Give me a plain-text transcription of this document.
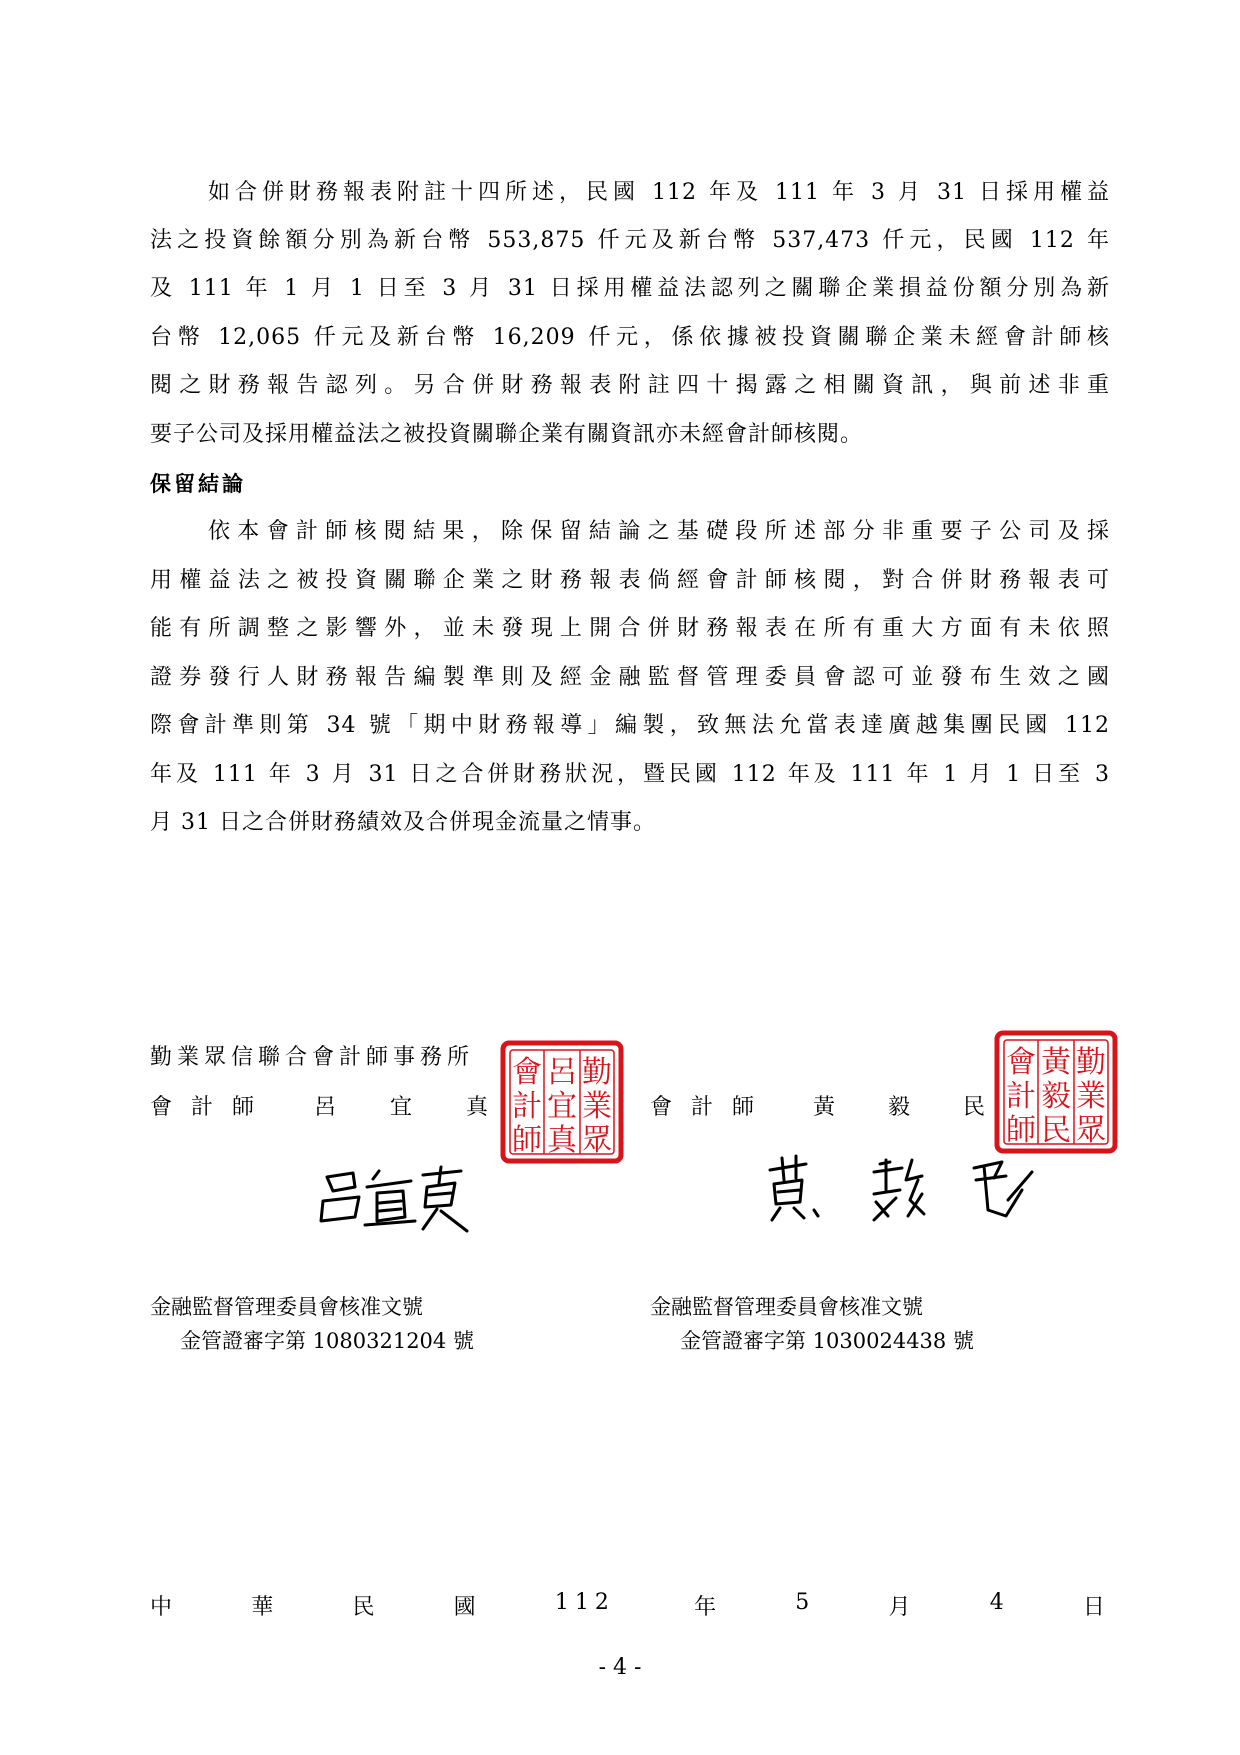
如合併財務報表附註十四所述，民國 112 年及 111 年 3 月 31 日採用權益
法之投資餘額分別為新台幣 553,875 仟元及新台幣 537,473 仟元，民國 112 年
及 111 年 1 月 1 日至 3 月 31 日採用權益法認列之關聯企業損益份額分別為新
台幣 12,065 仟元及新台幣 16,209 仟元，係依據被投資關聯企業未經會計師核
閱之財務報告認列。另合併財務報表附註四十揭露之相關資訊，與前述非重
要子公司及採用權益法之被投資關聯企業有關資訊亦未經會計師核閱。
保留結論
依本會計師核閱結果，除保留結論之基礎段所述部分非重要子公司及採
用權益法之被投資關聯企業之財務報表倘經會計師核閱，對合併財務報表可
能有所調整之影響外，並未發現上開合併財務報表在所有重大方面有未依照
證券發行人財務報告編製準則及經金融監督管理委員會認可並發布生效之國
際會計準則第 34 號「期中財務報導」編製，致無法允當表達廣越集團民國 112
年及 111 年 3 月 31 日之合併財務狀況，暨民國 112 年及 111 年 1 月 1 日至 3
月 31 日之合併財務績效及合併現金流量之情事。
勤業眾信聯合會計師事務所
會 計 師 呂 宜 真	會 計 師 黃 毅 民
會 呂 勤
計 宜 業
師 真 眾
會 黃 勤
計 毅 業
師 民 眾
金融監督管理委員會核准文號
金管證審字第 1080321204 號
金融監督管理委員會核准文號
金管證審字第 1030024438 號
中	華	民	國	112	年	5	月	4	日
- 4 -
